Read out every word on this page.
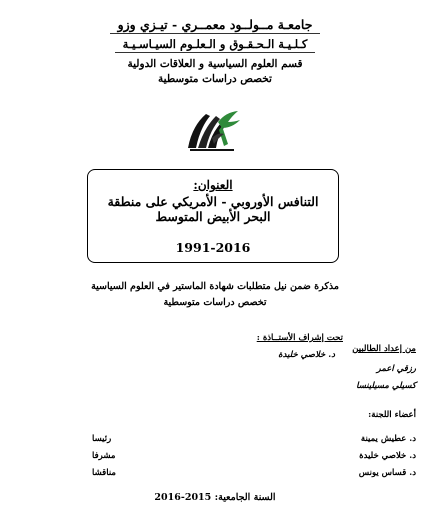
جامعـة مــولــود معمــري - تيـزي وزو
كـلـيـة الـحـقـوق و الـعلـوم السيـاسـيـة
قسم العلوم السياسية و العلاقات الدولية
تخصص دراسات متوسطية
العنوان:
التنافس الأوروبي - الأمريكي على منطقة البحر الأبيض المتوسط
1991-2016
مذكرة ضمن نيل متطلبات شهادة الماستير في العلوم السياسية
تخصص دراسات متوسطية
تحت إشراف الأستــاذة :
د. خلاصي خليدة
من إعداد الطالبين
رزقي اعمر
كسيلي مسيلينسا
أعضاء اللجنة:
د. عطيش يمينة
رئيسا
د. خلاصي خليدة
مشرفا
د. قساس يونس
مناقشا
السنة الجامعية: 2015-2016
